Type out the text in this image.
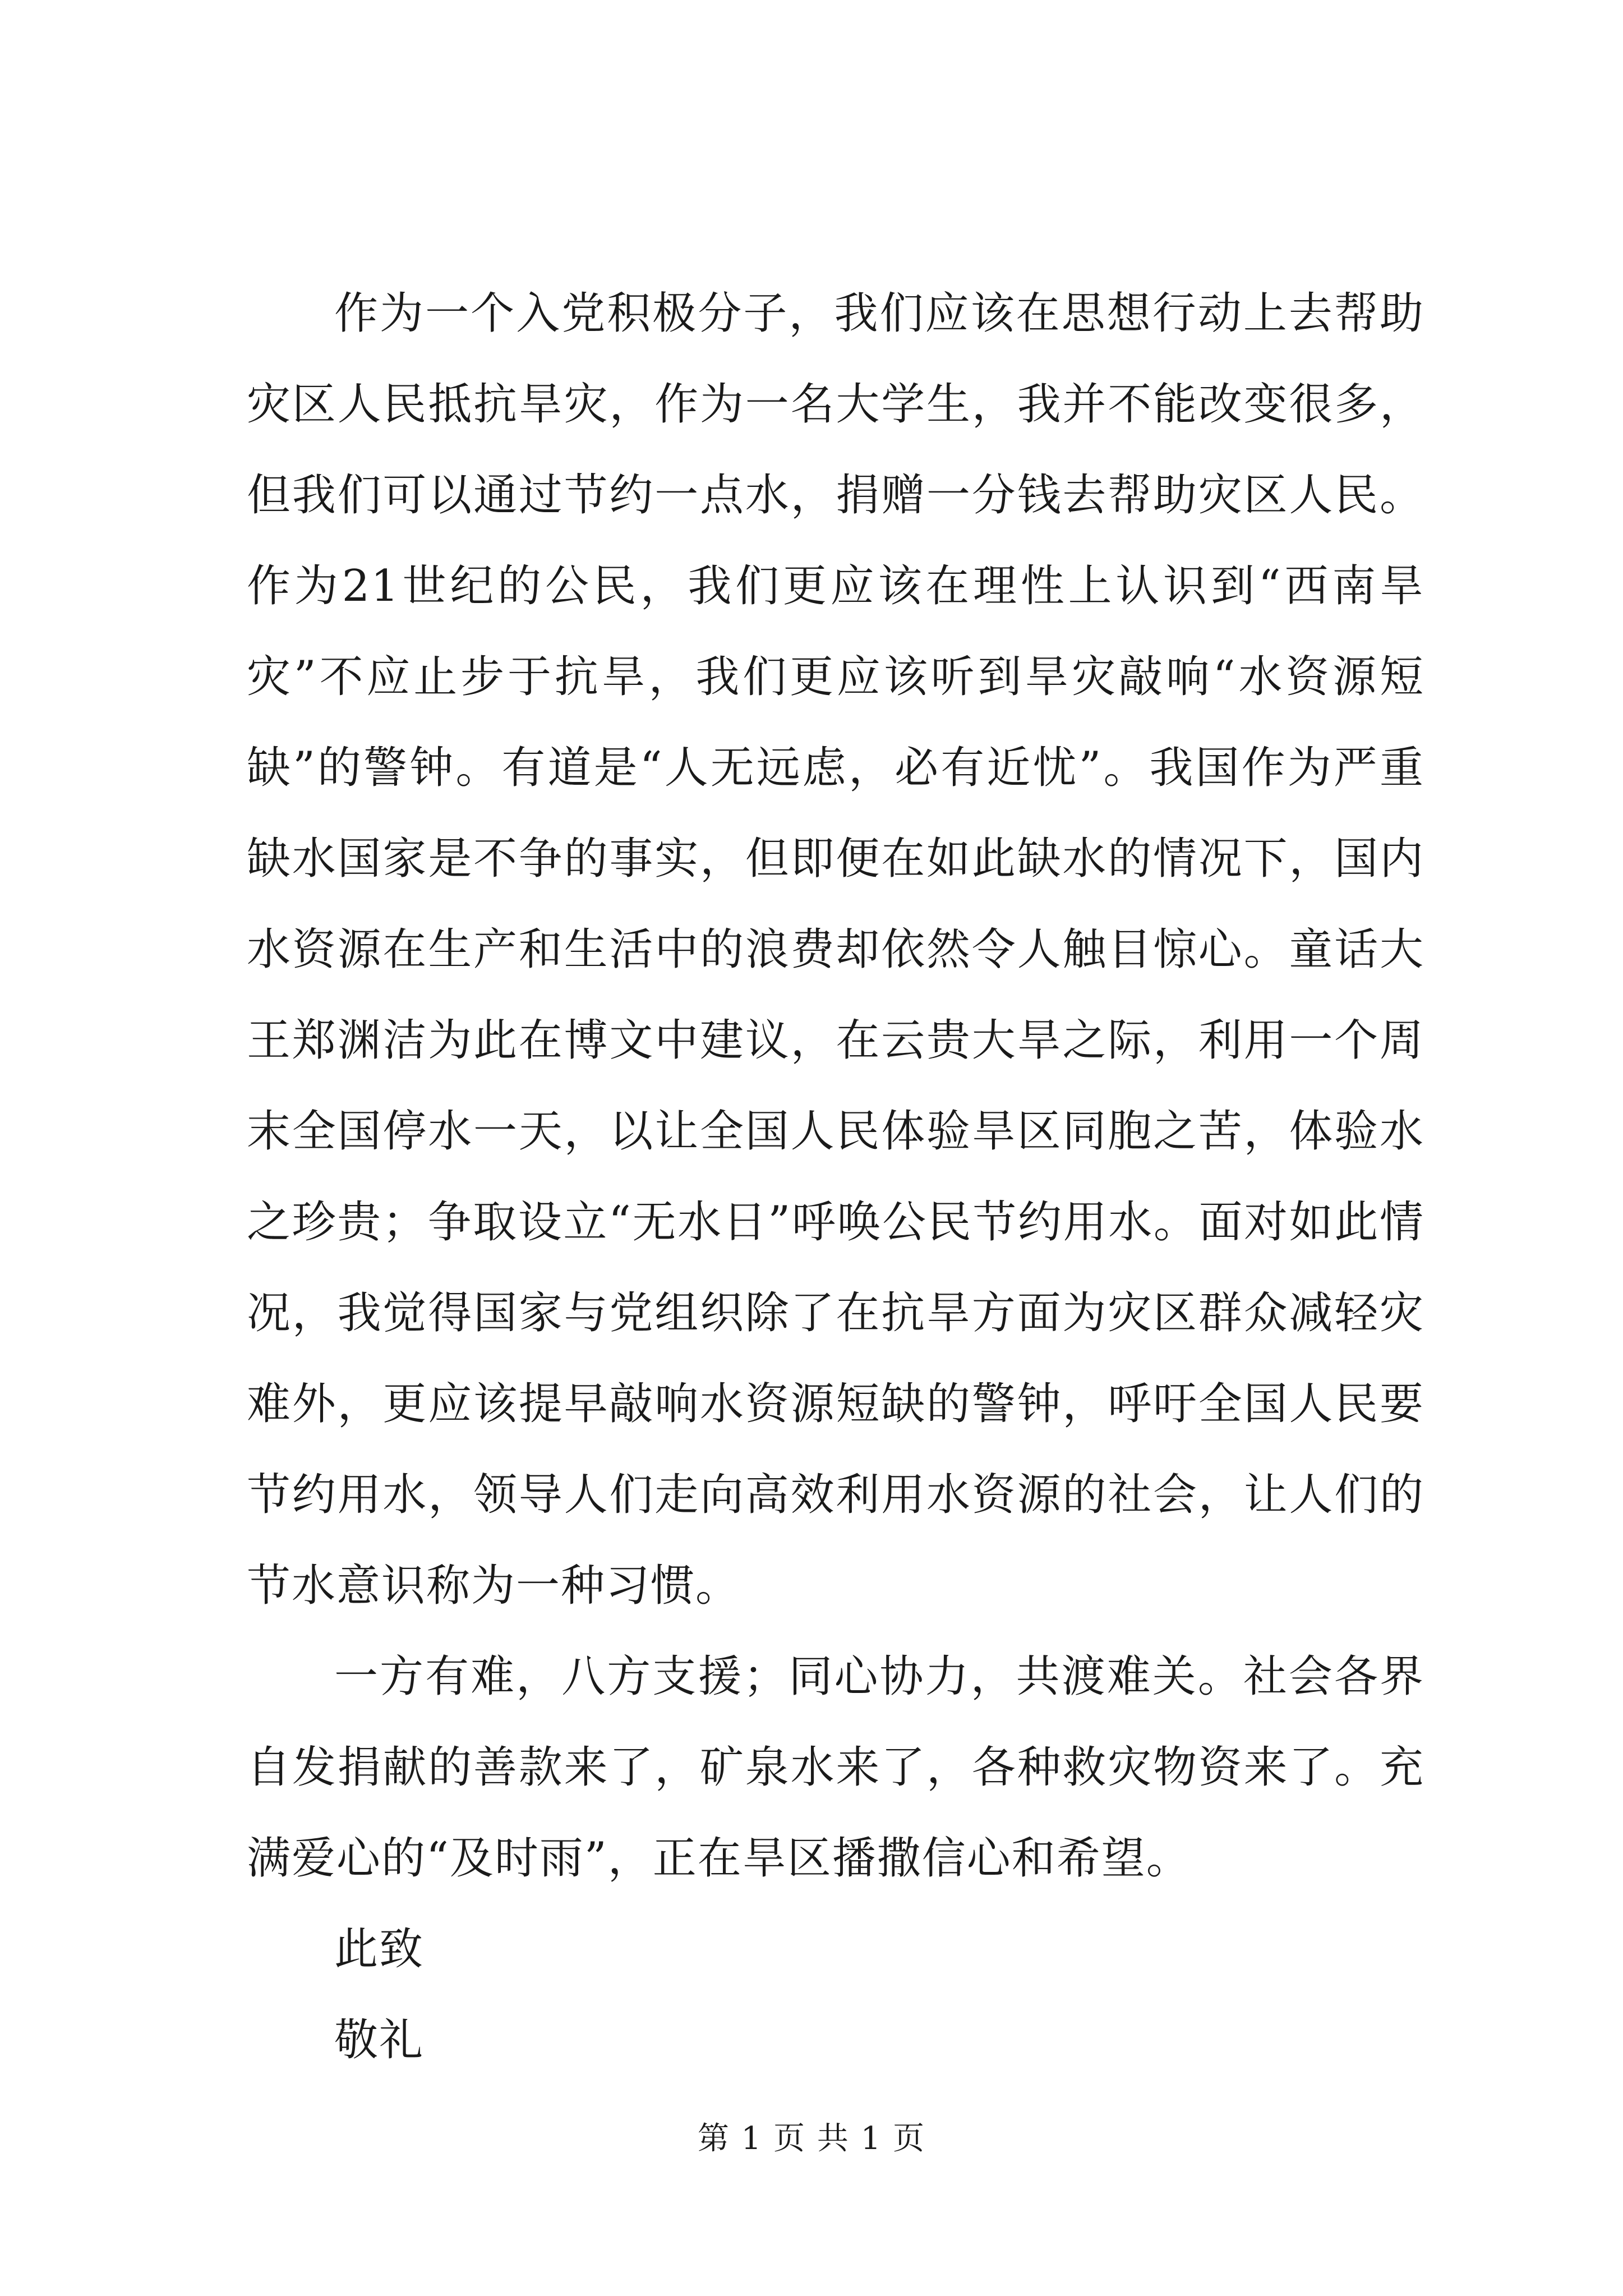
作为一个入党积极分子，我们应该在思想行动上去帮助灾区人民抵抗旱灾，作为一名大学生，我并不能改变很多，但我们可以通过节约一点水，捐赠一分钱去帮助灾区人民。作为21世纪的公民，我们更应该在理性上认识到“西南旱灾”不应止步于抗旱，我们更应该听到旱灾敲响“水资源短缺”的警钟。有道是“人无远虑，必有近忧”。我国作为严重缺水国家是不争的事实，但即便在如此缺水的情况下，国内水资源在生产和生活中的浪费却依然令人触目惊心。童话大王郑渊洁为此在博文中建议，在云贵大旱之际，利用一个周末全国停水一天，以让全国人民体验旱区同胞之苦，体验水之珍贵；争取设立“无水日”呼唤公民节约用水。面对如此情况，我觉得国家与党组织除了在抗旱方面为灾区群众减轻灾难外，更应该提早敲响水资源短缺的警钟，呼吁全国人民要节约用水，领导人们走向高效利用水资源的社会，让人们的节水意识称为一种习惯。

一方有难，八方支援；同心协力，共渡难关。社会各界自发捐献的善款来了，矿泉水来了，各种救灾物资来了。充满爱心的“及时雨”，正在旱区播撒信心和希望。

此致

敬礼

第 1 页 共 1 页
